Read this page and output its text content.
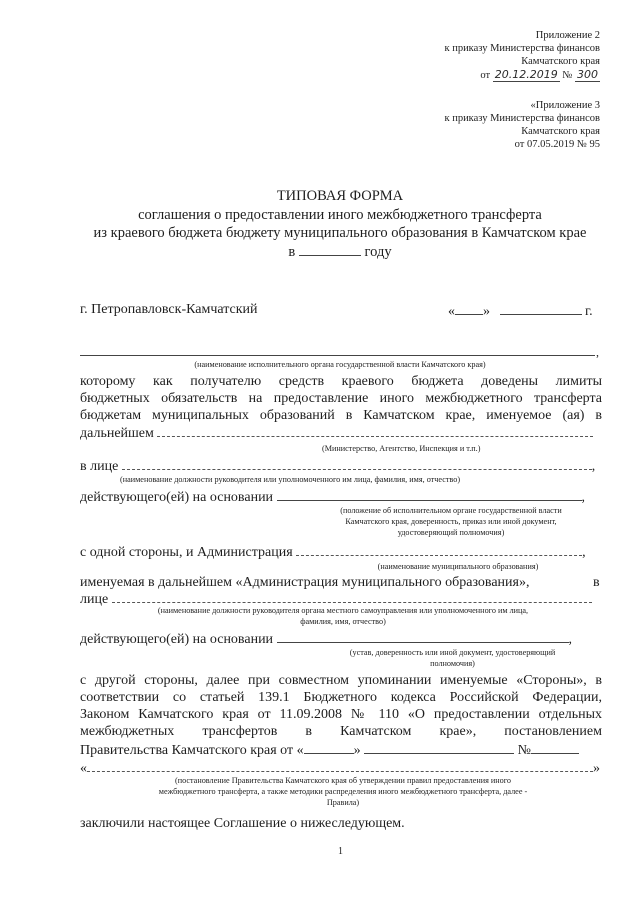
Приложение 2
к приказу Министерства финансов
Камчатского края
от 20.12.2019 № 300
«Приложение 3
к приказу Министерства финансов
Камчатского края
от 07.05.2019 № 95
ТИПОВАЯ ФОРМА
соглашения о предоставлении иного межбюджетного трансферта
из краевого бюджета бюджету муниципального образования в Камчатском крае
в	году
г. Петропавловск-Камчатский	« »	г.
,
(наименование исполнительного органа государственной власти Камчатского края)
которому как получателю средств краевого бюджета доведены лимиты
бюджетных обязательств на предоставление иного межбюджетного трансферта
бюджетам муниципальных образований в Камчатском крае, именуемое (ая) в
дальнейшем
(Министерство, Агентство, Инспекция и т.п.)
в лице	,
(наименование должности руководителя или уполномоченного им лица, фамилия, имя, отчество)
действующего(ей) на основании	,
(положение об исполнительном органе государственной власти
Камчатского края, доверенность, приказ или иной документ,
удостоверяющий полномочия)
с одной стороны, и Администрация	,
(наименование муниципального образования)
именуемая в дальнейшем «Администрация муниципального образования»,	в
лице
(наименование должности руководителя органа местного самоуправления или уполномоченного им лица,
фамилия, имя, отчество)
действующего(ей) на основании	,
(устав, доверенность или иной документ, удостоверяющий
полномочия)
с другой стороны, далее при совместном упоминании именуемые «Стороны», в
соответствии со статьей 139.1 Бюджетного кодекса Российской Федерации,
Законом Камчатского края от 11.09.2008 № 110 «О предоставлении отдельных
межбюджетных трансфертов в Камчатском крае», постановлением
Правительства Камчатского края от «	»	№
«	»
(постановление Правительства Камчатского края об утверждении правил предоставления иного
межбюджетного трансферта, а также методики распределения иного межбюджетного трансферта, далее -
Правила)
заключили настоящее Соглашение о нижеследующем.
1
